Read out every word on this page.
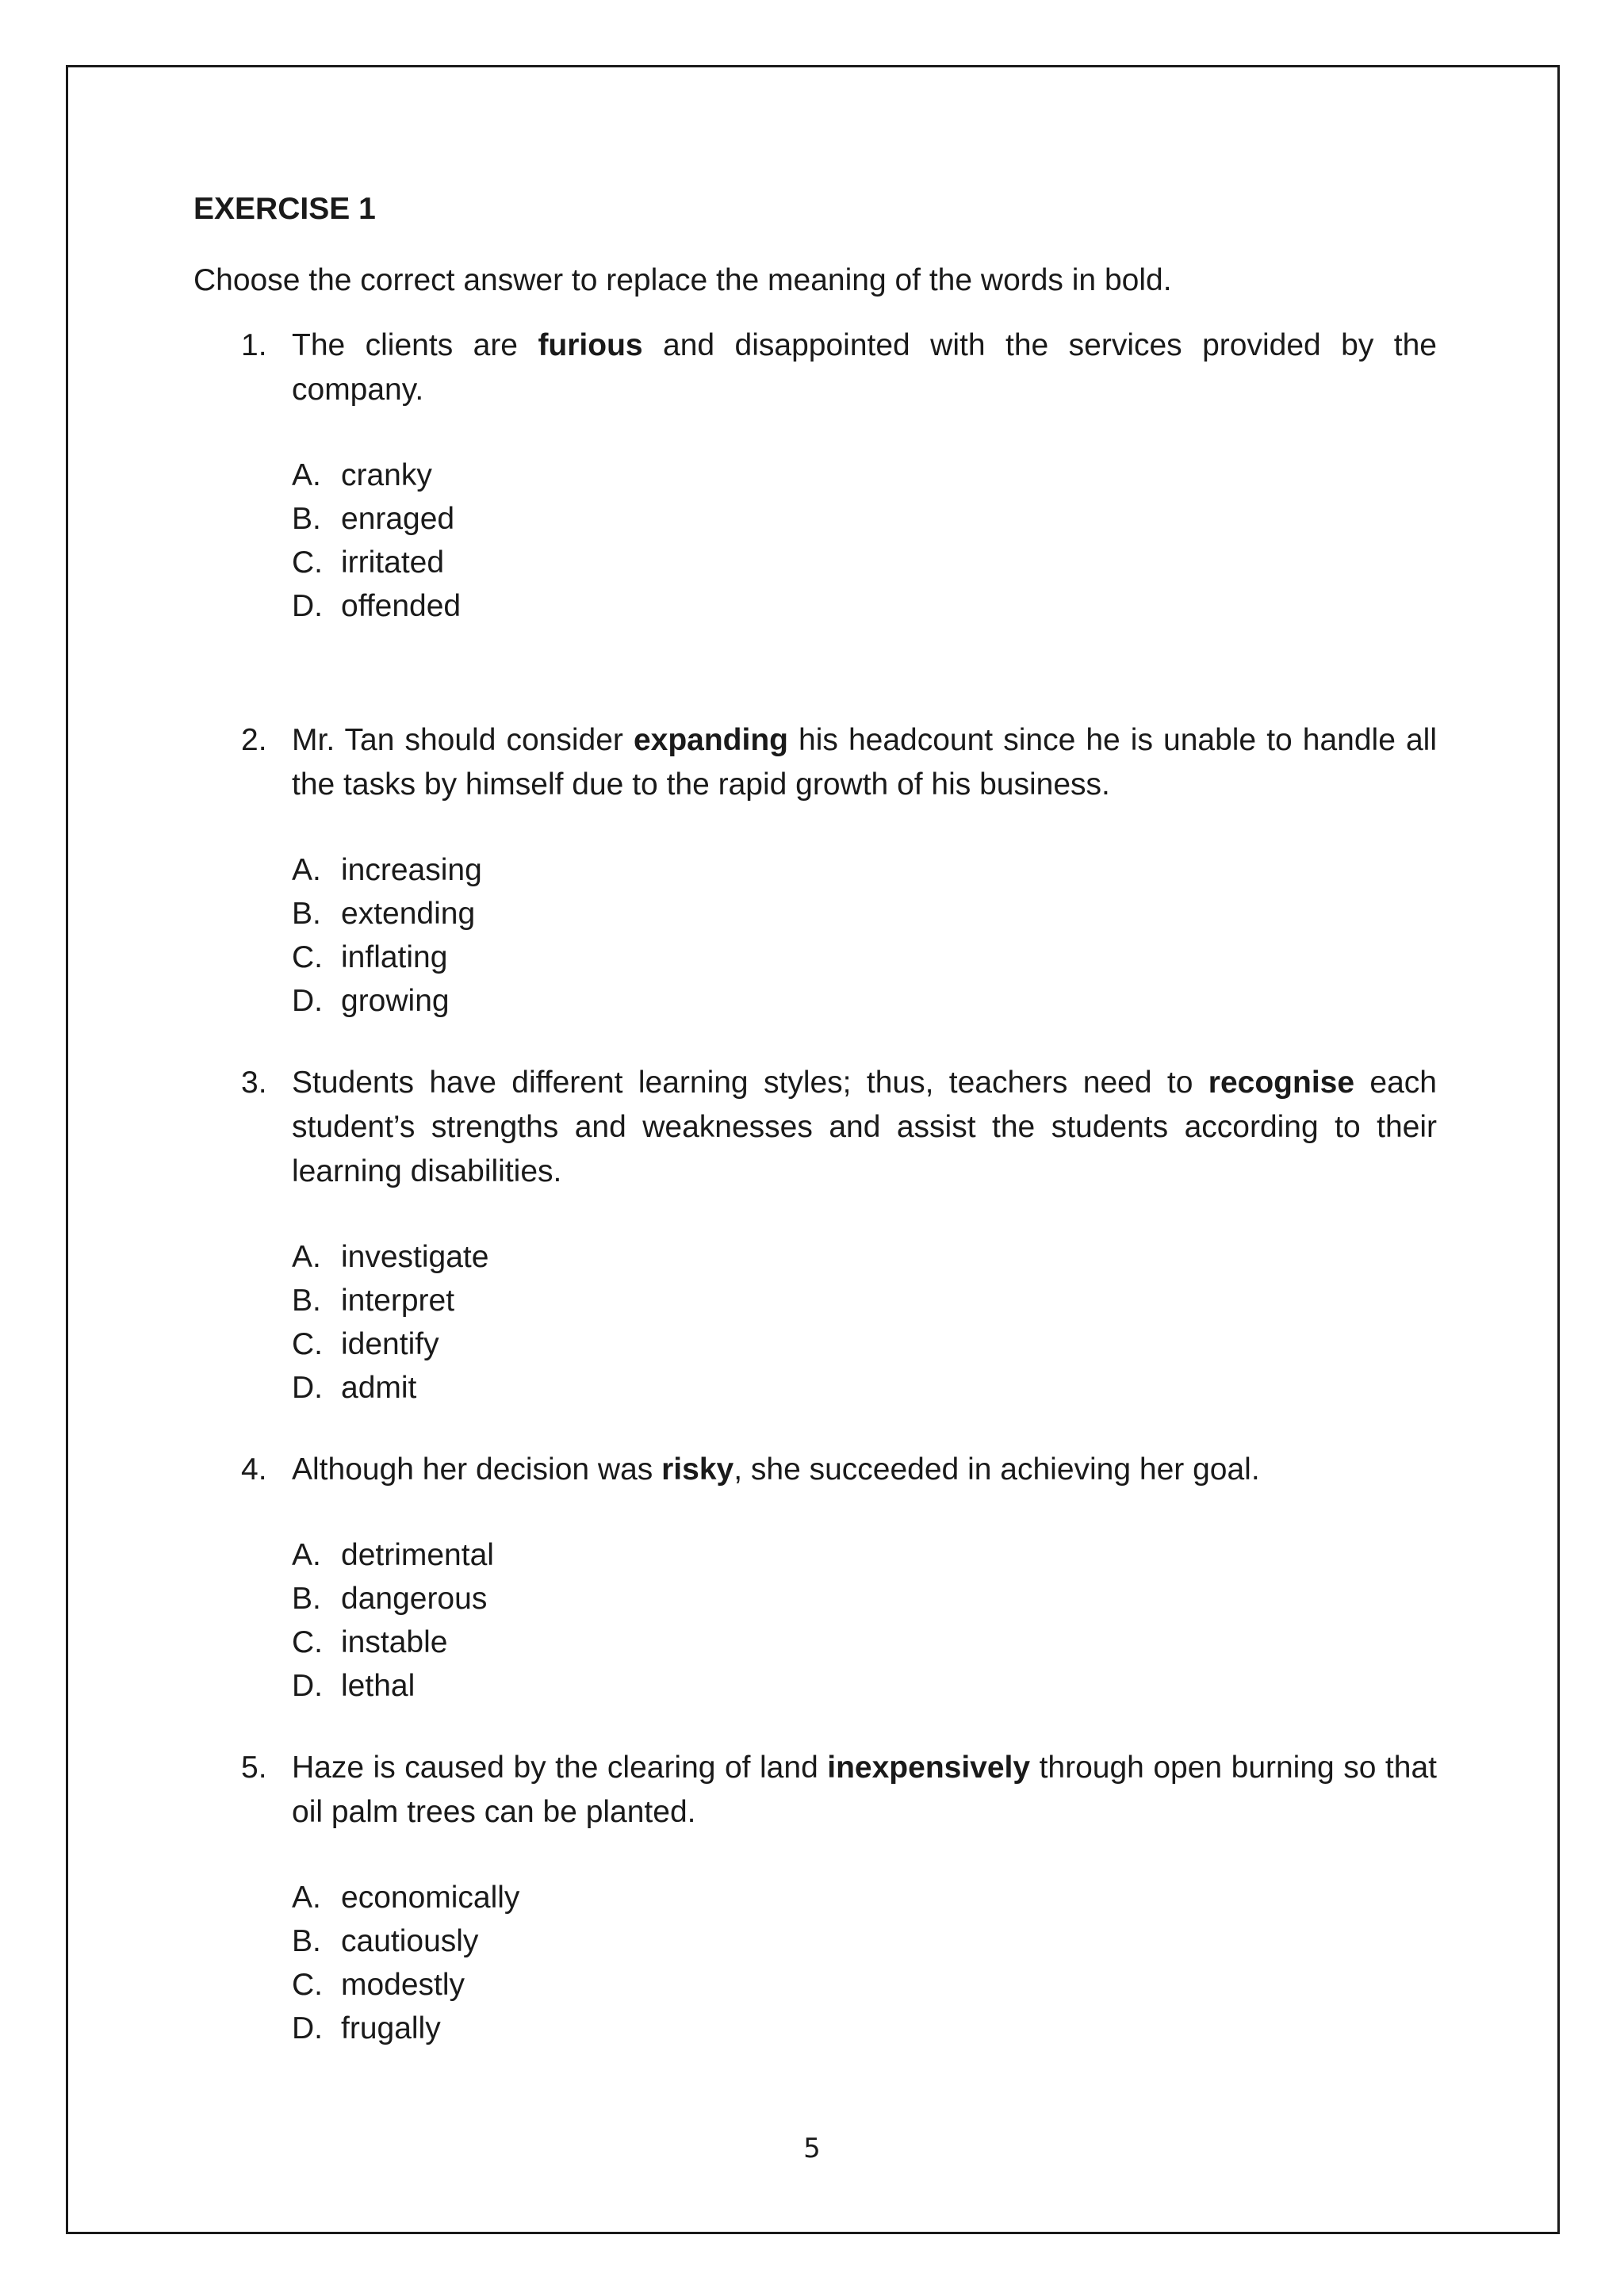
EXERCISE 1

Choose the correct answer to replace the meaning of the words in bold.

1. The clients are furious and disappointed with the services provided by the company.
A. cranky
B. enraged
C. irritated
D. offended
2. Mr. Tan should consider expanding his headcount since he is unable to handle all the tasks by himself due to the rapid growth of his business.
A. increasing
B. extending
C. inflating
D. growing
3. Students have different learning styles; thus, teachers need to recognise each student’s strengths and weaknesses and assist the students according to their learning disabilities.
A. investigate
B. interpret
C. identify
D. admit
4. Although her decision was risky, she succeeded in achieving her goal.
A. detrimental
B. dangerous
C. instable
D. lethal
5. Haze is caused by the clearing of land inexpensively through open burning so that oil palm trees can be planted.
A. economically
B. cautiously
C. modestly
D. frugally
5
